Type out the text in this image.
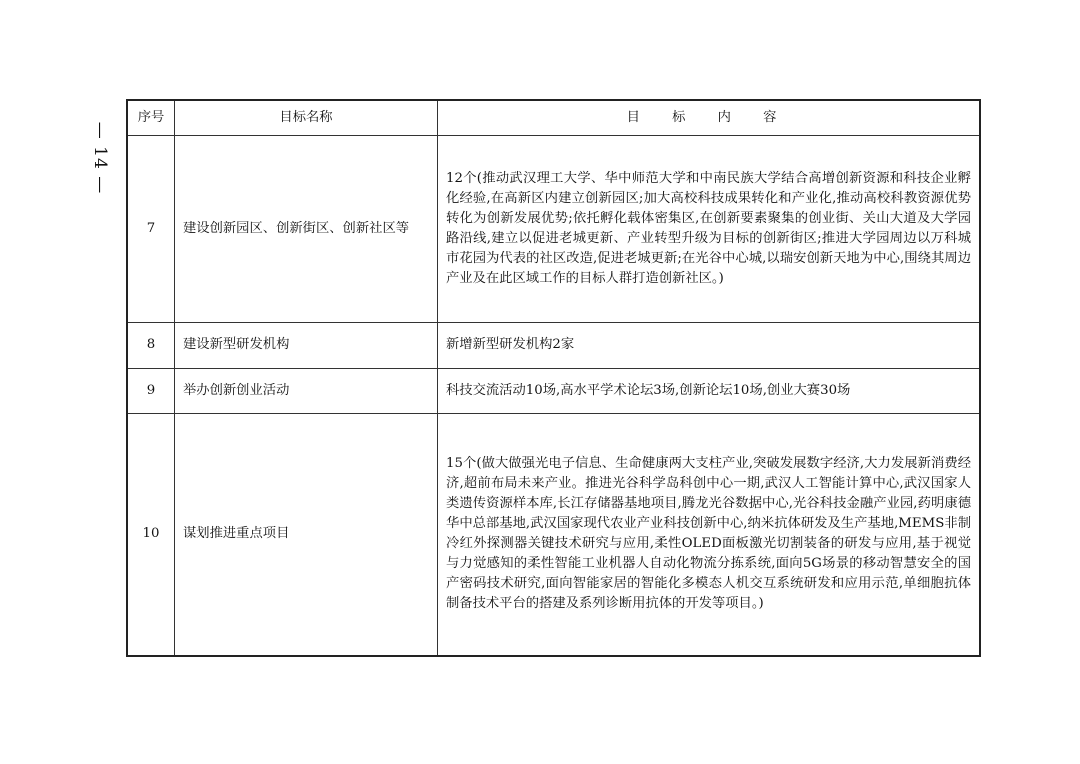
— 14 —
序号	目标名称	目 标 内 容
7	建设创新园区、创新街区、创新社区等	12个(推动武汉理工大学、华中师范大学和中南民族大学结合高增创新资源和科技企业孵化经验,在高新区内建立创新园区;加大高校科技成果转化和产业化,推动高校科教资源优势转化为创新发展优势;依托孵化载体密集区,在创新要素聚集的创业街、关山大道及大学园路沿线,建立以促进老城更新、产业转型升级为目标的创新街区;推进大学园周边以万科城市花园为代表的社区改造,促进老城更新;在光谷中心城,以瑞安创新天地为中心,围绕其周边产业及在此区域工作的目标人群打造创新社区。)
8	建设新型研发机构	新增新型研发机构2家
9	举办创新创业活动	科技交流活动10场,高水平学术论坛3场,创新论坛10场,创业大赛30场
10	谋划推进重点项目	15个(做大做强光电子信息、生命健康两大支柱产业,突破发展数字经济,大力发展新消费经济,超前布局未来产业。推进光谷科学岛科创中心一期,武汉人工智能计算中心,武汉国家人类遗传资源样本库,长江存储器基地项目,腾龙光谷数据中心,光谷科技金融产业园,药明康德华中总部基地,武汉国家现代农业产业科技创新中心,纳米抗体研发及生产基地,MEMS非制冷红外探测器关键技术研究与应用,柔性OLED面板激光切割装备的研发与应用,基于视觉与力觉感知的柔性智能工业机器人自动化物流分拣系统,面向5G场景的移动智慧安全的国产密码技术研究,面向智能家居的智能化多模态人机交互系统研发和应用示范,单细胞抗体制备技术平台的搭建及系列诊断用抗体的开发等项目。)
